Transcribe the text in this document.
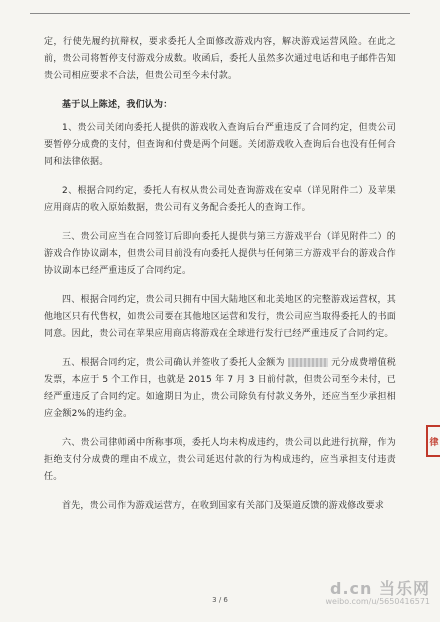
定，行使先履约抗辩权，要求委托人全面修改游戏内容，解决游戏运营风险。在此之前，贵公司将暂停支付游戏分成数。收函后，委托人虽然多次通过电话和电子邮件告知贵公司相应要求不合法，但贵公司至今未付款。

基于以上陈述，我们认为：

1、贵公司关闭向委托人提供的游戏收入查询后台严重违反了合同约定，但贵公司要暂停分成费的支付，但查询和付费是两个问题。关闭游戏收入查询后台也没有任何合同和法律依据。

2、根据合同约定，委托人有权从贵公司处查询游戏在安卓（详见附件二）及苹果应用商店的收入原始数据，贵公司有义务配合委托人的查询工作。

三、贵公司应当在合同签订后即向委托人提供与第三方游戏平台（详见附件二）的游戏合作协议副本，但贵公司目前没有向委托人提供与任何第三方游戏平台的游戏合作协议副本已经严重违反了合同约定。

四、根据合同约定，贵公司只拥有中国大陆地区和北美地区的完整游戏运营权，其他地区只有代售权，如贵公司要在其他地区运营和发行，贵公司应当取得委托人的书面同意。因此，贵公司在苹果应用商店将游戏在全球进行发行已经严重违反了合同约定。

五、根据合同约定，贵公司确认并签收了委托人金额为	元分成费增值税发票，本应于 5 个工作日，也就是 2015 年 7 月 3 日前付款，但贵公司至今未付，已经严重违反了合同约定。如逾期日为止，贵公司除负有付款义务外，还应当至少承担相应金额2%的违约金。

六、贵公司律师函中所称事项，委托人均未构成违约，贵公司以此进行抗辩，作为拒绝支付分成费的理由不成立，贵公司延迟付款的行为构成违约，应当承担支付违责任。

首先，贵公司作为游戏运营方，在收到国家有关部门及渠道反馈的游戏修改要求

律
3 / 6
d.cn 当乐网
weibo.com/u/5650416571
